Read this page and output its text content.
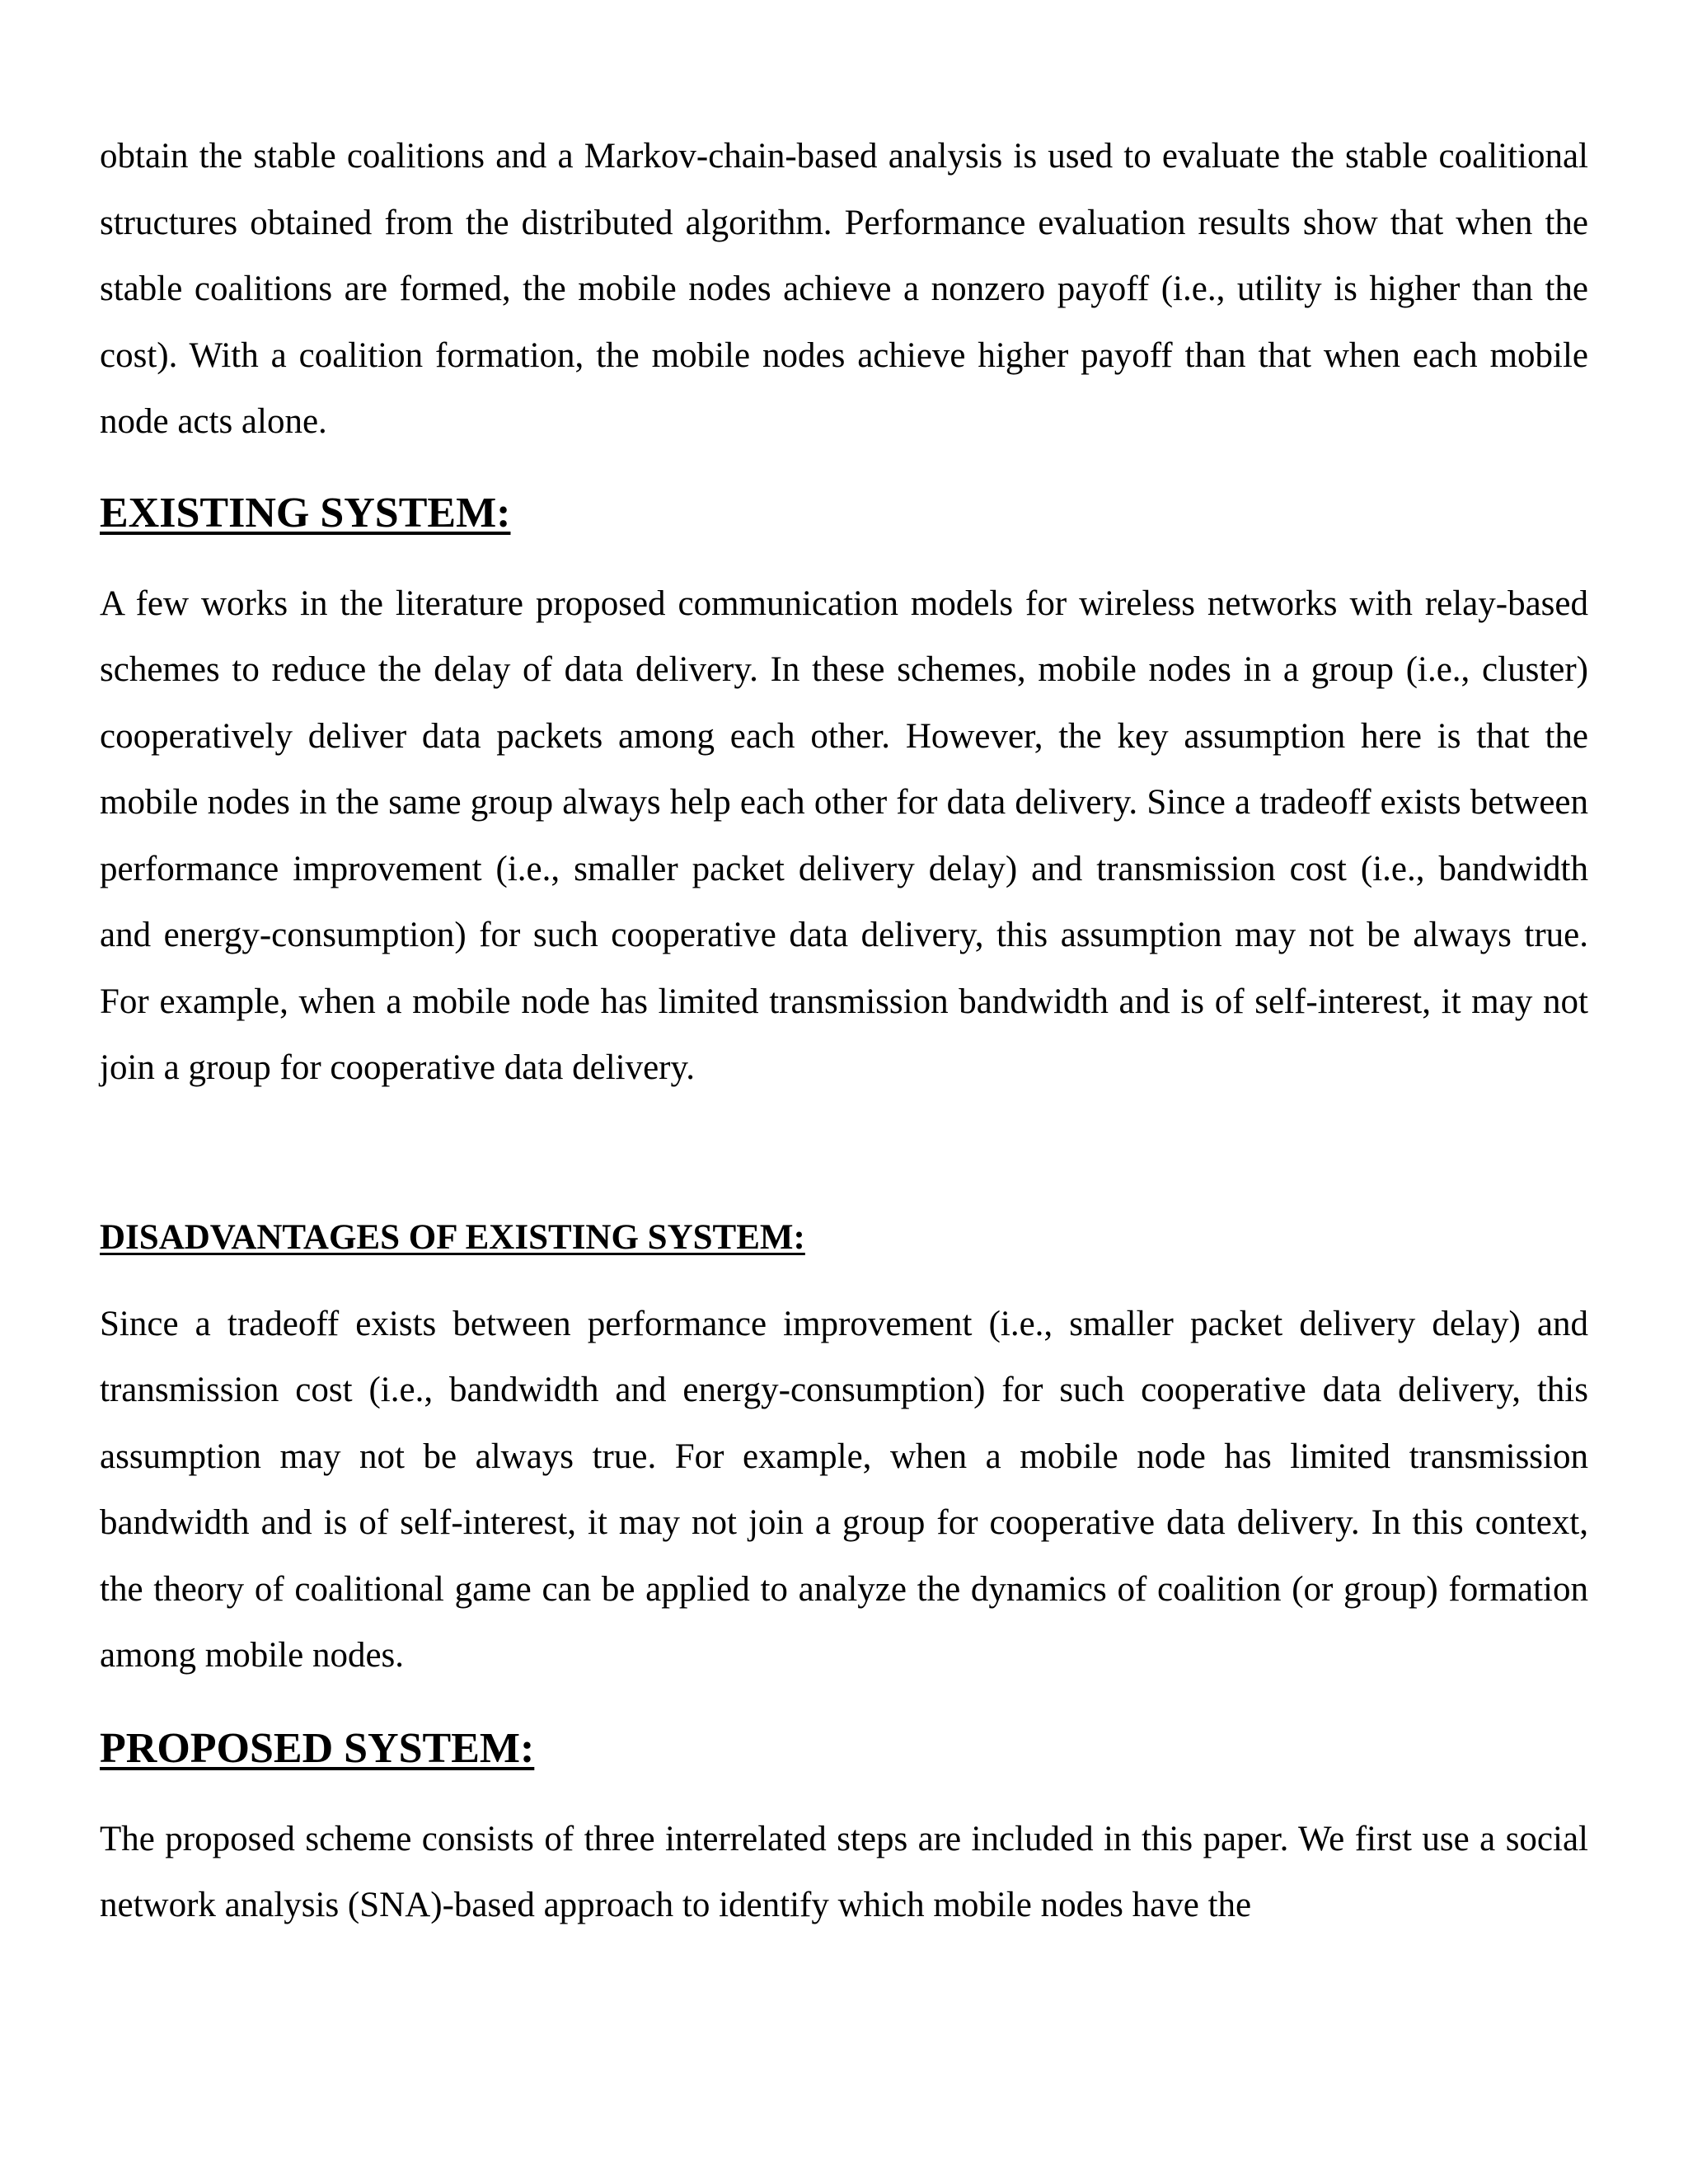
obtain the stable coalitions and a Markov-chain-based analysis is used to evaluate the stable coalitional structures obtained from the distributed algorithm. Performance evaluation results show that when the stable coalitions are formed, the mobile nodes achieve a nonzero payoff (i.e., utility is higher than the cost). With a coalition formation, the mobile nodes achieve higher payoff than that when each mobile node acts alone.

EXISTING SYSTEM:

A few works in the literature proposed communication models for wireless networks with relay-based schemes to reduce the delay of data delivery. In these schemes, mobile nodes in a group (i.e., cluster) cooperatively deliver data packets among each other. However, the key assumption here is that the mobile nodes in the same group always help each other for data delivery. Since a tradeoff exists between performance improvement (i.e., smaller packet delivery delay) and transmission cost (i.e., bandwidth and energy-consumption) for such cooperative data delivery, this assumption may not be always true. For example, when a mobile node has limited transmission bandwidth and is of self-interest, it may not join a group for cooperative data delivery.

DISADVANTAGES OF EXISTING SYSTEM:

Since a tradeoff exists between performance improvement (i.e., smaller packet delivery delay) and transmission cost (i.e., bandwidth and energy-consumption) for such cooperative data delivery, this assumption may not be always true. For example, when a mobile node has limited transmission bandwidth and is of self-interest, it may not join a group for cooperative data delivery. In this context, the theory of coalitional game can be applied to analyze the dynamics of coalition (or group) formation among mobile nodes.

PROPOSED SYSTEM:

The proposed scheme consists of three interrelated steps are included in this paper. We first use a social network analysis (SNA)-based approach to identify which mobile nodes have the
